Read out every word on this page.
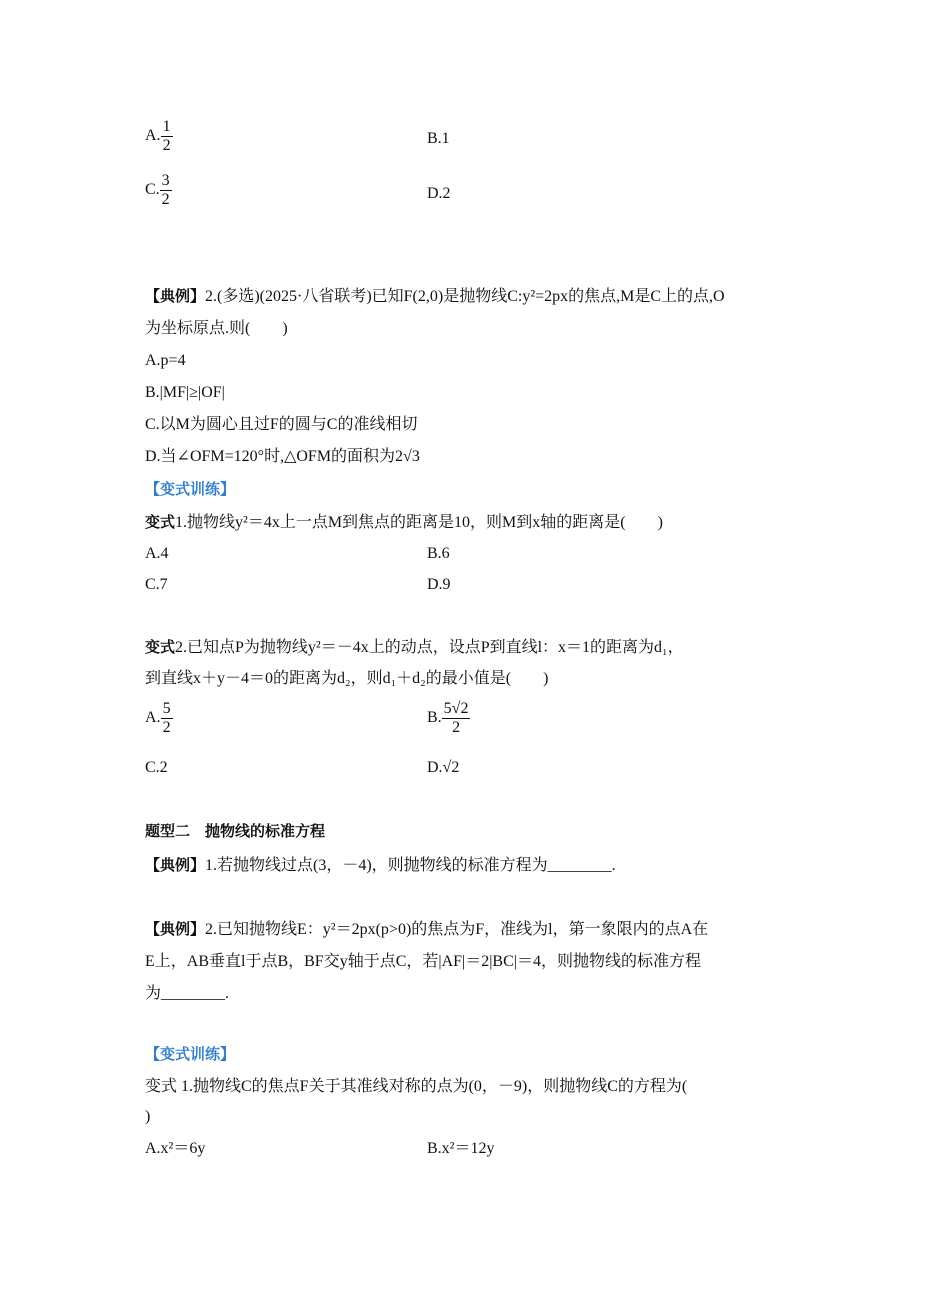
A. $\frac{1}{2}$	B.1
C. $\frac{3}{2}$	D.2
【典例】2.(多选)(2025·八省联考)已知F(2,0)是抛物线C:y²=2px的焦点,M是C上的点,O
为坐标原点.则(　　)
A.p=4
B.|MF|≥|OF|
C.以M为圆心且过F的圆与C的准线相切
D.当∠OFM=120°时,△OFM的面积为2√3
【变式训练】
变式1.抛物线y²＝4x上一点M到焦点的距离是10，则M到x轴的距离是(　　)
A.4	B.6
C.7	D.9
变式2.已知点P为抛物线y²＝－4x上的动点，设点P到直线l：x＝1的距离为d₁，
到直线x＋y－4＝0的距离为d₂，则d₁＋d₂的最小值是(　　)
A. $\frac{5}{2}$	B. $\frac{5√2}{2}$
C.2	D.√2
题型二　抛物线的标准方程
【典例】1.若抛物线过点(3，－4)，则抛物线的标准方程为________.
【典例】2.已知抛物线E：y²＝2px(p>0)的焦点为F，准线为l，第一象限内的点A在
E上，AB垂直l于点B，BF交y轴于点C，若|AF|＝2|BC|＝4，则抛物线的标准方程
为________.
【变式训练】
变式 1.抛物线C的焦点F关于其准线对称的点为(0，－9)，则抛物线C的方程为(
)
A.x²＝6y	B.x²＝12y
